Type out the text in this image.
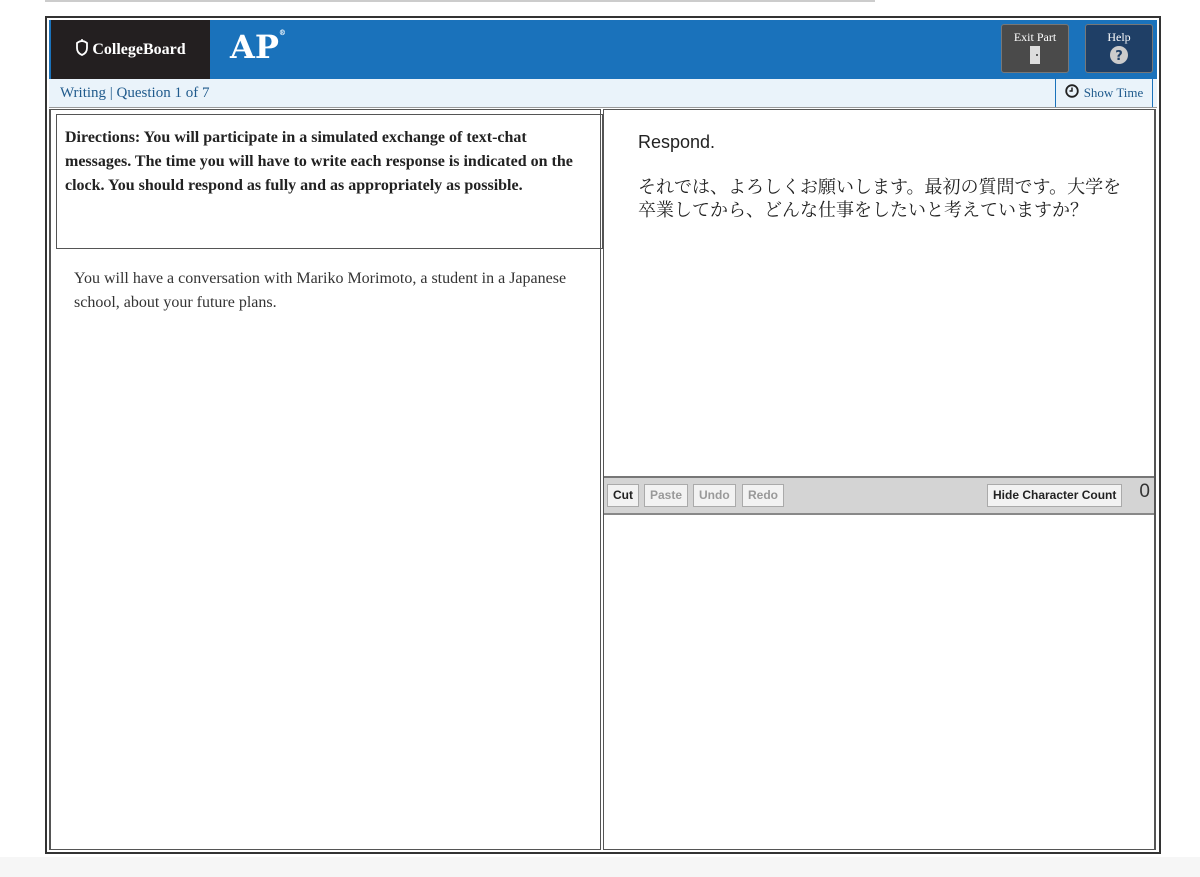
CollegeBoard AP®	Exit Part	Help
?
Writing | Question 1 of 7	Show Time
Directions: You will participate in a simulated exchange of text-chat messages. The time you will have to write each response is indicated on the clock. You should respond as fully and as appropriately as possible.
You will have a conversation with Mariko Morimoto, a student in a Japanese school, about your future plans.
Respond.
それでは、よろしくお願いします。最初の質問です。大学を卒業してから、どんな仕事をしたいと考えていますか？
Cut	Paste	Undo	Redo	Hide Character Count	0
